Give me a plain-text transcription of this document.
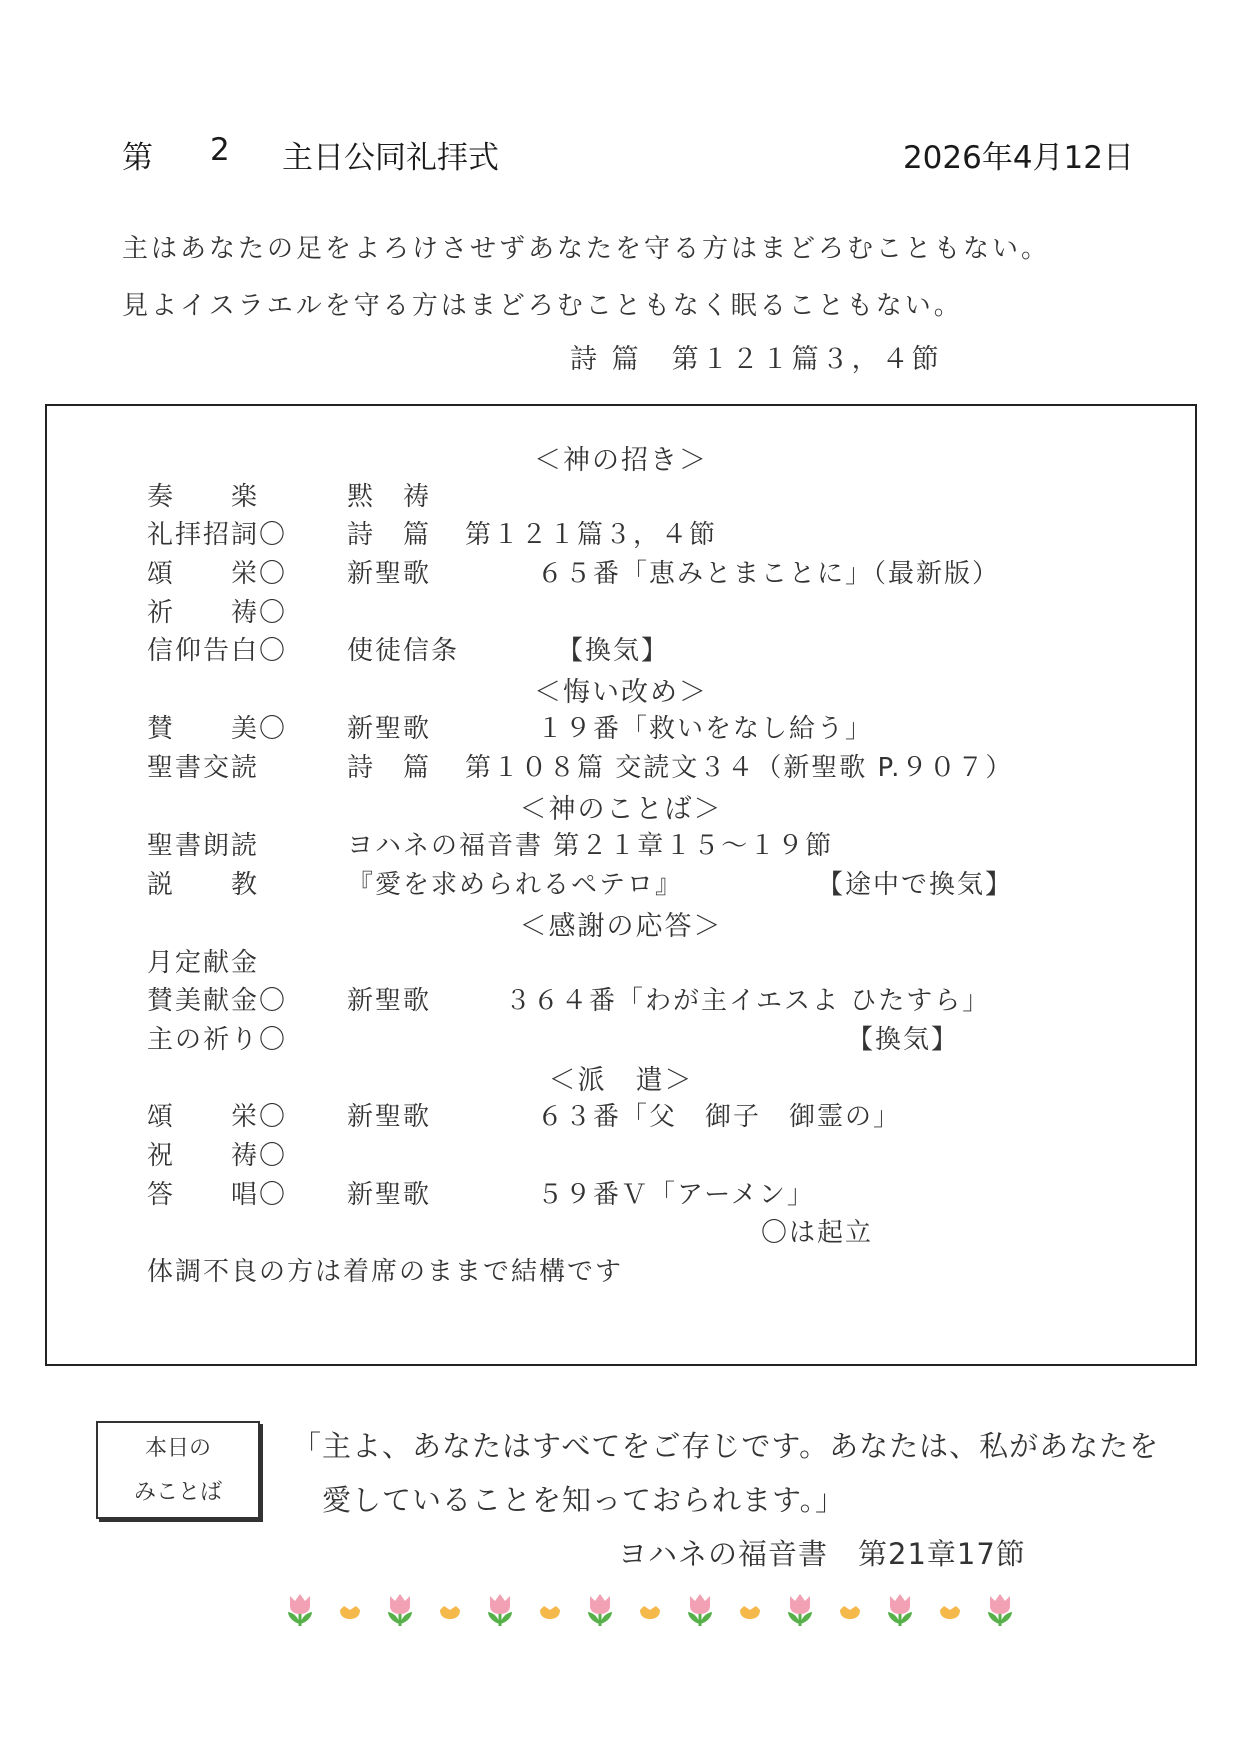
第 2 主日公同礼拝式	2026年4月12日
主はあなたの足をよろけさせずあなたを守る方はまどろむこともない。
見よイスラエルを守る方はまどろむこともなく眠ることもない。
詩 篇　第１２１篇３，４節
＜神の招き＞
奏　　楽	黙　祷
礼拝招詞〇 詩　篇 第１２１篇３，４節
頌　　栄〇 新聖歌	６５番「恵みとまことに」（最新版）
祈　　祷〇
信仰告白〇 使徒信条	【換気】
＜悔い改め＞
賛　　美〇 新聖歌	１９番「救いをなし給う」
聖書交読	詩　篇 第１０８篇 交読文３４（新聖歌 P.９０７）
＜神のことば＞
聖書朗読	ヨハネの福音書 第２１章１５～１９節
説　　教	『愛を求められるペテロ』	【途中で換気】
＜感謝の応答＞
月定献金
賛美献金〇 新聖歌	３６４番「わが主イエスよ ひたすら」
主の祈り〇	【換気】
＜派　遣＞
頌　　栄〇 新聖歌	６３番「父　御子　御霊の」
祝　　祷〇
答　　唱〇 新聖歌	５９番Ｖ「アーメン」
〇は起立
体調不良の方は着席のままで結構です
本日の
みことば
「主よ、あなたはすべてをご存じです。あなたは、私があなたを
愛していることを知っておられます。」
ヨハネの福音書　第21章17節
